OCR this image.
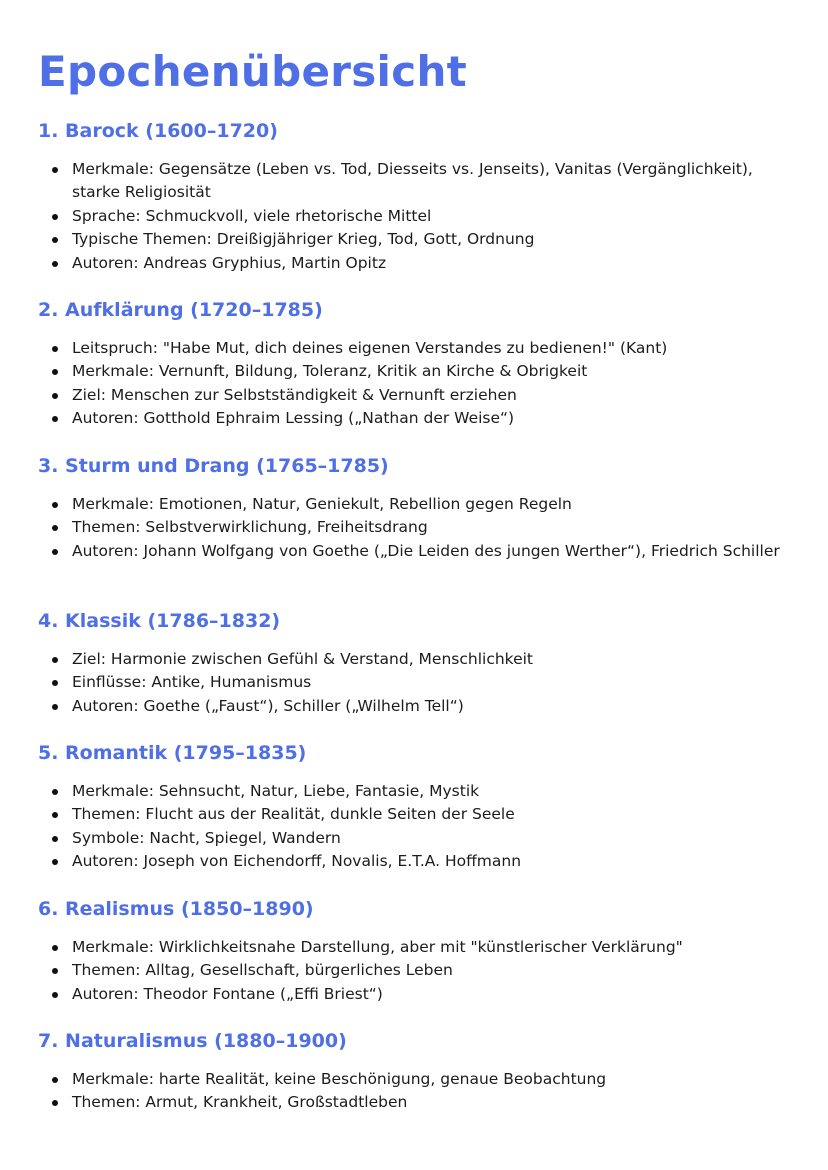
Epochenübersicht
1. Barock (1600–1720)
Merkmale: Gegensätze (Leben vs. Tod, Diesseits vs. Jenseits), Vanitas (Vergänglichkeit), starke Religiosität
Sprache: Schmuckvoll, viele rhetorische Mittel
Typische Themen: Dreißigjähriger Krieg, Tod, Gott, Ordnung
Autoren: Andreas Gryphius, Martin Opitz
2. Aufklärung (1720–1785)
Leitspruch: "Habe Mut, dich deines eigenen Verstandes zu bedienen!" (Kant)
Merkmale: Vernunft, Bildung, Toleranz, Kritik an Kirche & Obrigkeit
Ziel: Menschen zur Selbstständigkeit & Vernunft erziehen
Autoren: Gotthold Ephraim Lessing („Nathan der Weise“)
3. Sturm und Drang (1765–1785)
Merkmale: Emotionen, Natur, Geniekult, Rebellion gegen Regeln
Themen: Selbstverwirklichung, Freiheitsdrang
Autoren: Johann Wolfgang von Goethe („Die Leiden des jungen Werther“), Friedrich Schiller
4. Klassik (1786–1832)
Ziel: Harmonie zwischen Gefühl & Verstand, Menschlichkeit
Einflüsse: Antike, Humanismus
Autoren: Goethe („Faust“), Schiller („Wilhelm Tell“)
5. Romantik (1795–1835)
Merkmale: Sehnsucht, Natur, Liebe, Fantasie, Mystik
Themen: Flucht aus der Realität, dunkle Seiten der Seele
Symbole: Nacht, Spiegel, Wandern
Autoren: Joseph von Eichendorff, Novalis, E.T.A. Hoffmann
6. Realismus (1850–1890)
Merkmale: Wirklichkeitsnahe Darstellung, aber mit "künstlerischer Verklärung"
Themen: Alltag, Gesellschaft, bürgerliches Leben
Autoren: Theodor Fontane („Effi Briest“)
7. Naturalismus (1880–1900)
Merkmale: harte Realität, keine Beschönigung, genaue Beobachtung
Themen: Armut, Krankheit, Großstadtleben
